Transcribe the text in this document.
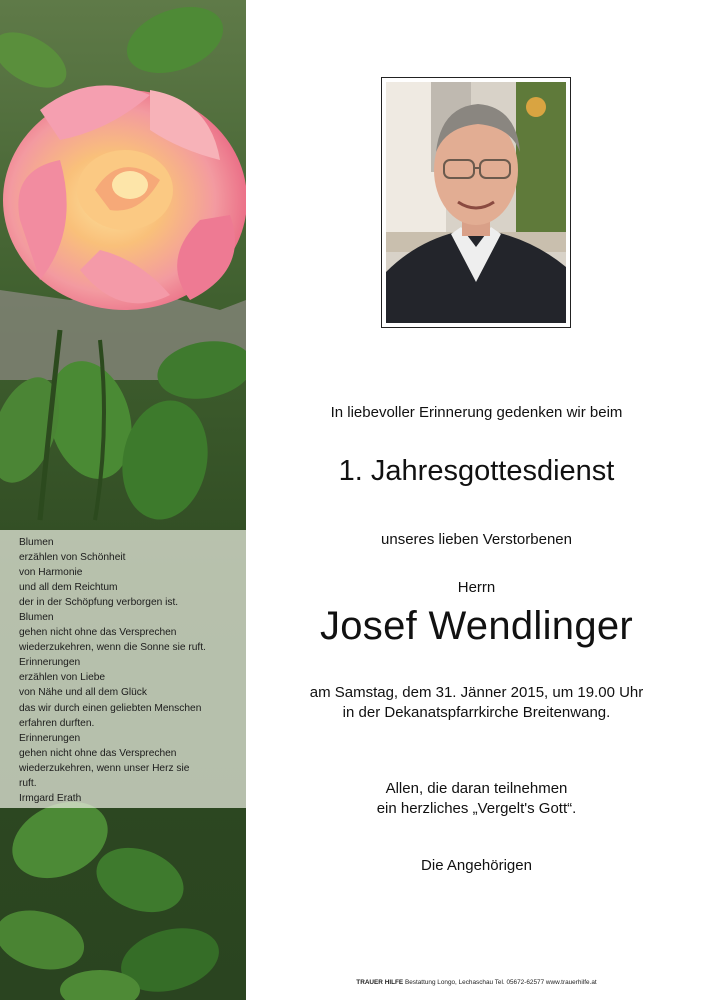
Blumen
erzählen von Schönheit
von Harmonie
und all dem Reichtum
der in der Schöpfung verborgen ist.
Blumen
gehen nicht ohne das Versprechen
wiederzukehren, wenn die Sonne sie ruft.
Erinnerungen
erzählen von Liebe
von Nähe und all dem Glück
das wir durch einen geliebten Menschen
erfahren durften.
Erinnerungen
gehen nicht ohne das Versprechen
wiederzukehren, wenn unser Herz sie
ruft.
Irmgard Erath
In liebevoller Erinnerung gedenken wir beim
1. Jahresgottesdienst
unseres lieben Verstorbenen
Herrn
Josef Wendlinger
am Samstag, dem 31. Jänner 2015, um 19.00 Uhr
in der Dekanatspfarrkirche Breitenwang.
Allen, die daran teilnehmen
ein herzliches „Vergelt's Gott“.
Die Angehörigen
TRAUER HILFE Bestattung Longo, Lechaschau Tel. 05672-62577 www.trauerhilfe.at
